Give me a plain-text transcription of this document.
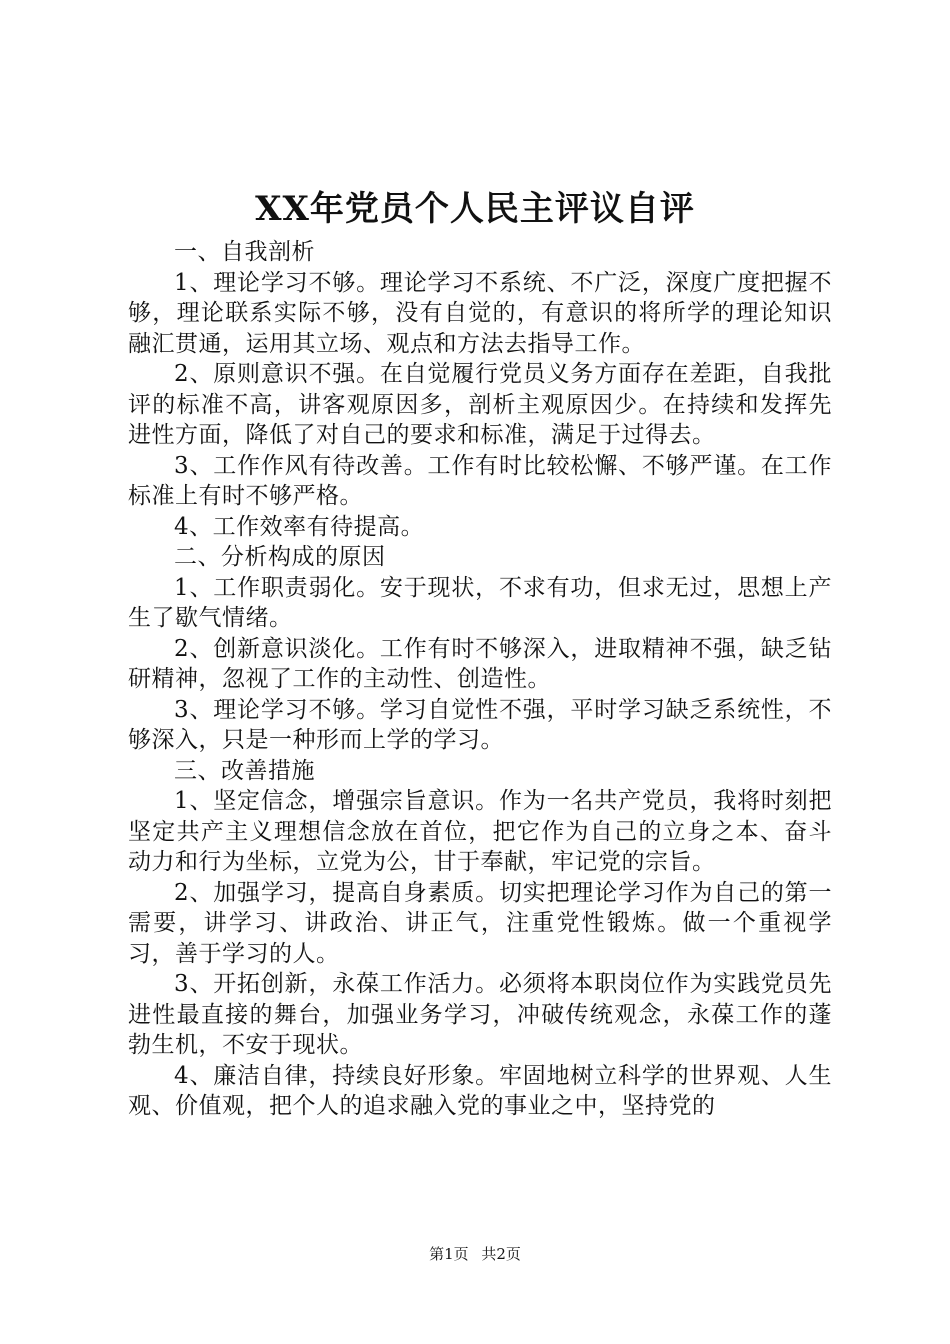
XX年党员个人民主评议自评

一、自我剖析

1、理论学习不够。理论学习不系统、不广泛，深度广度把握不够，理论联系实际不够，没有自觉的，有意识的将所学的理论知识融汇贯通，运用其立场、观点和方法去指导工作。

2、原则意识不强。在自觉履行党员义务方面存在差距，自我批评的标准不高，讲客观原因多，剖析主观原因少。在持续和发挥先进性方面，降低了对自己的要求和标准，满足于过得去。

3、工作作风有待改善。工作有时比较松懈、不够严谨。在工作标准上有时不够严格。

4、工作效率有待提高。

二、分析构成的原因

1、工作职责弱化。安于现状，不求有功，但求无过，思想上产生了歇气情绪。

2、创新意识淡化。工作有时不够深入，进取精神不强，缺乏钻研精神，忽视了工作的主动性、创造性。

3、理论学习不够。学习自觉性不强，平时学习缺乏系统性，不够深入，只是一种形而上学的学习。

三、改善措施

1、坚定信念，增强宗旨意识。作为一名共产党员，我将时刻把坚定共产主义理想信念放在首位，把它作为自己的立身之本、奋斗动力和行为坐标，立党为公，甘于奉献，牢记党的宗旨。

2、加强学习，提高自身素质。切实把理论学习作为自己的第一需要，讲学习、讲政治、讲正气，注重党性锻炼。做一个重视学习，善于学习的人。

3、开拓创新，永葆工作活力。必须将本职岗位作为实践党员先进性最直接的舞台，加强业务学习，冲破传统观念，永葆工作的蓬勃生机，不安于现状。

4、廉洁自律，持续良好形象。牢固地树立科学的世界观、人生观、价值观，把个人的追求融入党的事业之中，坚持党的

第1页 共2页
